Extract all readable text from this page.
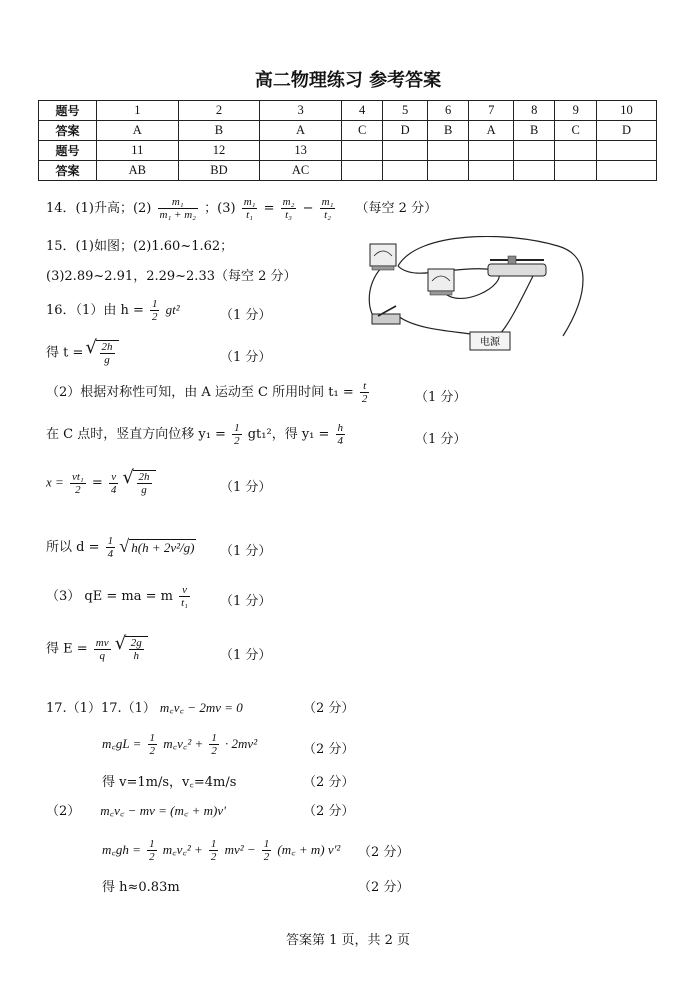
高二物理练习 参考答案
题号	1	2	3	4	5	6	7	8	9	10
答案	A	B	A	C	D	B	A	B	C	D
题号	11	12	13							
答案	AB	BD	AC							
14．(1)升高；$(2) \frac{\text{m₁}}{\text{m₁ + m₂}}$ ；$(3) \frac{\text{m₁}}{\text{t₁}} = \frac{\text{m₂}}{\text{t₃}} - \frac{\text{m₁}}{\text{t₂}}$ （每空 2 分）
15．(1)如图；(2)1.60~1.62；
(3)2.89~2.91，2.29~2.33（每空 2 分）
电源
16．（1）由 $h = \frac{1}{2} gt^2$	（1 分）
得 t = √ $\frac{2h}{g}$	（1 分）
（2）根据对称性可知，由 A 运动至 C 所用时间 $t_1 = \frac{t}{2}$	（1 分）
在 C 点时，竖直方向位移 $y_1 = \frac{1}{2} gt_1^2$，得 $y_1 = \frac{h}{4}$	（1 分）
$x = \frac{\text{vt₁}}{2} = \frac{v}{4}$
√ $\frac{2h}{g}$	（1 分）
所以 $d = \frac{1}{4}$ √ h(h + 2v²/g) （1 分）
（3） qE = ma = m $\frac{v}{\text{t₁}} (1$ 分）
得 $E = \frac{mv}{q}$
√ $\frac{2g}{h}$	（1 分）
17.（1）17.（1） m꜀v꜀ − 2mv = 0	（2 分）
m꜀gL = $\frac{1}{2}$ m꜀v꜀² + $\frac{1}{2} \cdot 2mv^2$	（2 分）
得 v=1m/s，v꜀=4m/s	（2 分）
（2） m꜀v꜀ − mv = (m꜀ + m)v'	（2 分）
m꜀gh = $\frac{1}{2}$ m꜀v꜀² + $\frac{1}{2} mv^2 - \frac{1}{2}$ (m꜀ + m) v'² （2 分）
得 h≈0.83m	（2 分）
答案第 1 页，共 2 页
